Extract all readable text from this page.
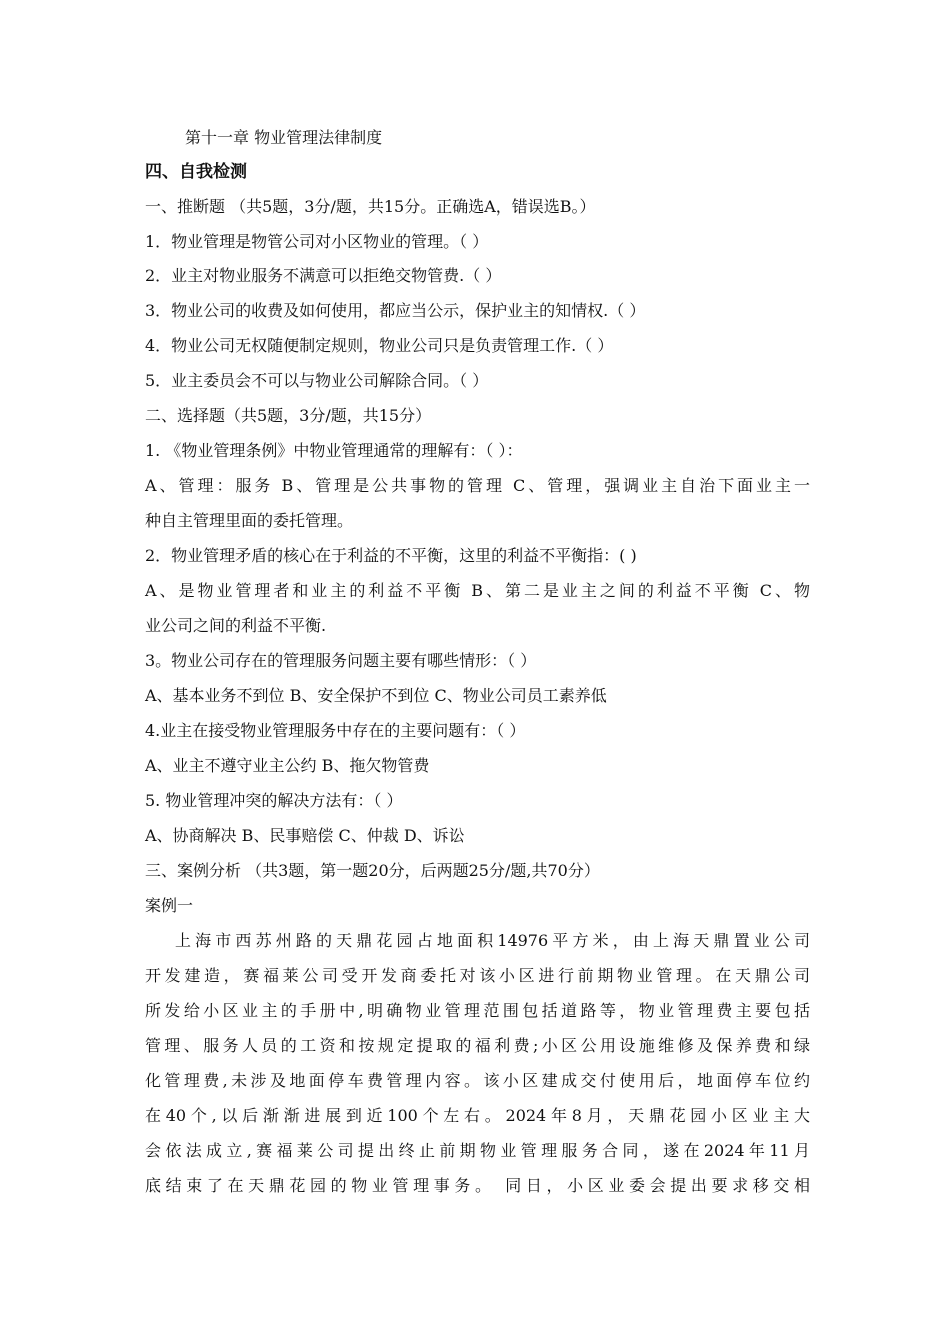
第十一章 物业管理法律制度
四、自我检测
一、推断题 （共5题，3分/题，共15分。正确选A，错误选B。）
1．物业管理是物管公司对小区物业的管理。（ ）
2．业主对物业服务不满意可以拒绝交物管费.（ ）
3．物业公司的收费及如何使用，都应当公示，保护业主的知情权.（ ）
4．物业公司无权随便制定规则，物业公司只是负责管理工作.（ ）
5．业主委员会不可以与物业公司解除合同。（ ）
二、选择题（共5题，3分/题，共15分）
1. 《物业管理条例》中物业管理通常的理解有：（ ）：
A、管理：服务 B、管理是公共事物的管理 C、管理，强调业主自治下面业主一
种自主管理里面的委托管理。
2．物业管理矛盾的核心在于利益的不平衡，这里的利益不平衡指：( )
A、是物业管理者和业主的利益不平衡 B、第二是业主之间的利益不平衡 C、物
业公司之间的利益不平衡.
3。物业公司存在的管理服务问题主要有哪些情形：（ ）
A、基本业务不到位 B、安全保护不到位 C、物业公司员工素养低
4.业主在接受物业管理服务中存在的主要问题有：（ ）
A、业主不遵守业主公约 B、拖欠物管费
5. 物业管理冲突的解决方法有：（ ）
A、协商解决 B、民事赔偿 C、仲裁 D、诉讼
三、案例分析 （共3题，第一题20分，后两题25分/题,共70分）
案例一
上海市西苏州路的天鼎花园占地面积14976平方米，由上海天鼎置业公司
开发建造，赛福莱公司受开发商委托对该小区进行前期物业管理。在天鼎公司
所发给小区业主的手册中,明确物业管理范围包括道路等，物业管理费主要包括
管理、服务人员的工资和按规定提取的福利费;小区公用设施维修及保养费和绿
化管理费,未涉及地面停车费管理内容。该小区建成交付使用后，地面停车位约
在40个,以后渐渐进展到近100个左右。2024年8月，天鼎花园小区业主大
会依法成立,赛福莱公司提出终止前期物业管理服务合同，遂在2024年11月
底结束了在天鼎花园的物业管理事务。 同日，小区业委会提出要求移交相
